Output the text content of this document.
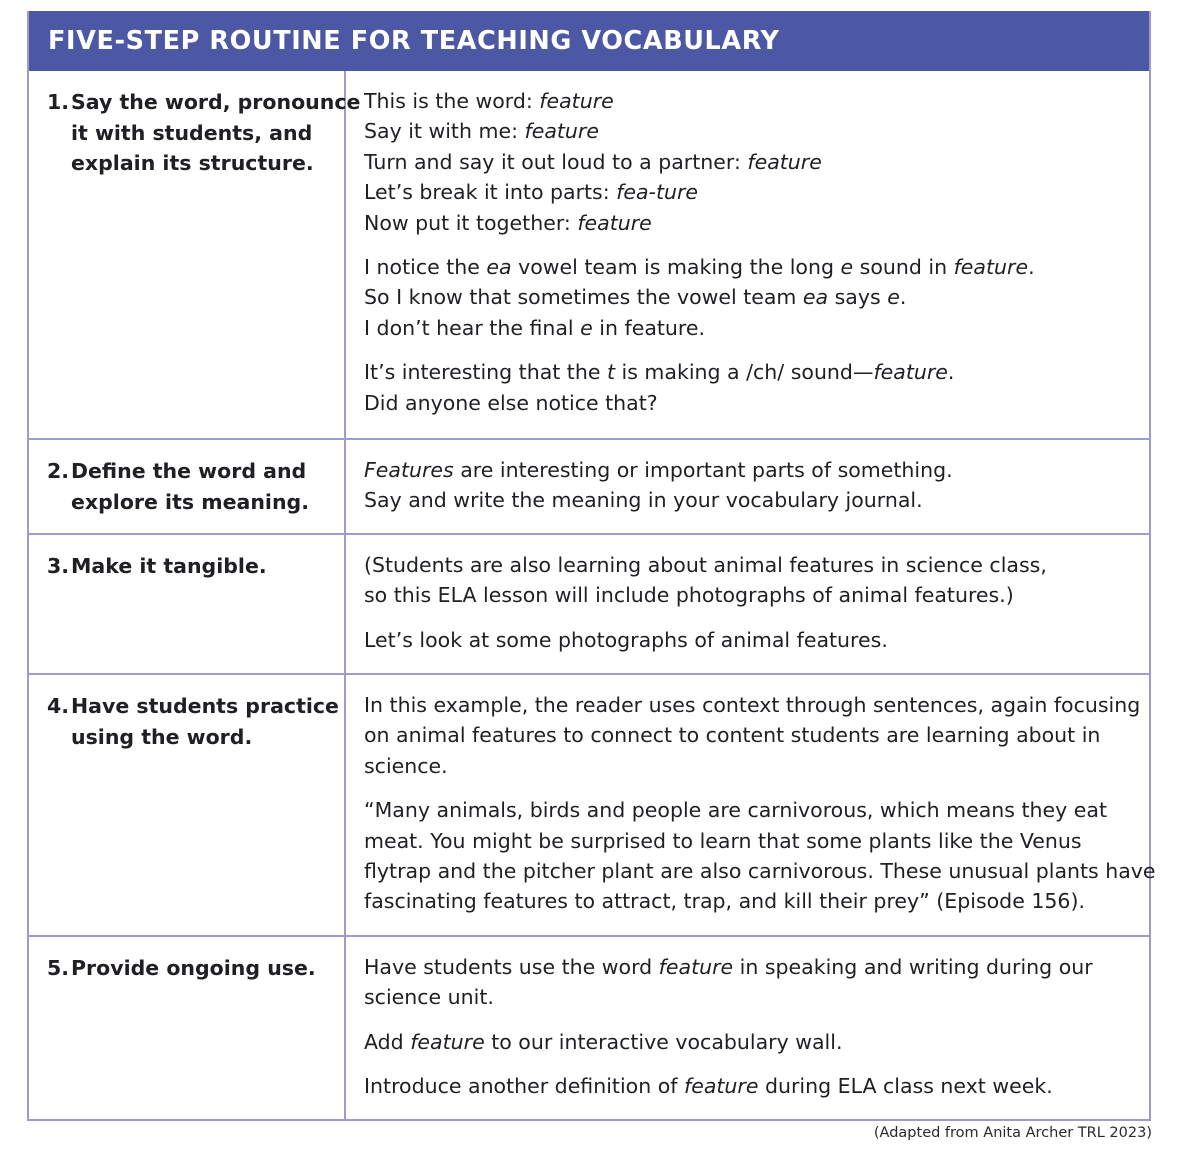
FIVE-STEP ROUTINE FOR TEACHING VOCABULARY
1. Say the word, pronounce
it with students, and
explain its structure.
This is the word: feature
Say it with me: feature
Turn and say it out loud to a partner: feature
Let’s break it into parts: fea-ture
Now put it together: feature
I notice the ea vowel team is making the long e sound in feature.
So I know that sometimes the vowel team ea says e.
I don’t hear the final e in feature.
It’s interesting that the t is making a /ch/ sound—feature.
Did anyone else notice that?
2. Define the word and
explore its meaning.
Features are interesting or important parts of something.
Say and write the meaning in your vocabulary journal.
3. Make it tangible.	(Students are also learning about animal features in science class,
so this ELA lesson will include photographs of animal features.)
Let’s look at some photographs of animal features.
4. Have students practice
using the word.
In this example, the reader uses context through sentences, again focusing
on animal features to connect to content students are learning about in
science.
“Many animals, birds and people are carnivorous, which means they eat
meat. You might be surprised to learn that some plants like the Venus
flytrap and the pitcher plant are also carnivorous. These unusual plants have
fascinating features to attract, trap, and kill their prey” (Episode 156).
5. Provide ongoing use. Have students use the word feature in speaking and writing during our
science unit.
Add feature to our interactive vocabulary wall.
Introduce another definition of feature during ELA class next week.
(Adapted from Anita Archer TRL 2023)
